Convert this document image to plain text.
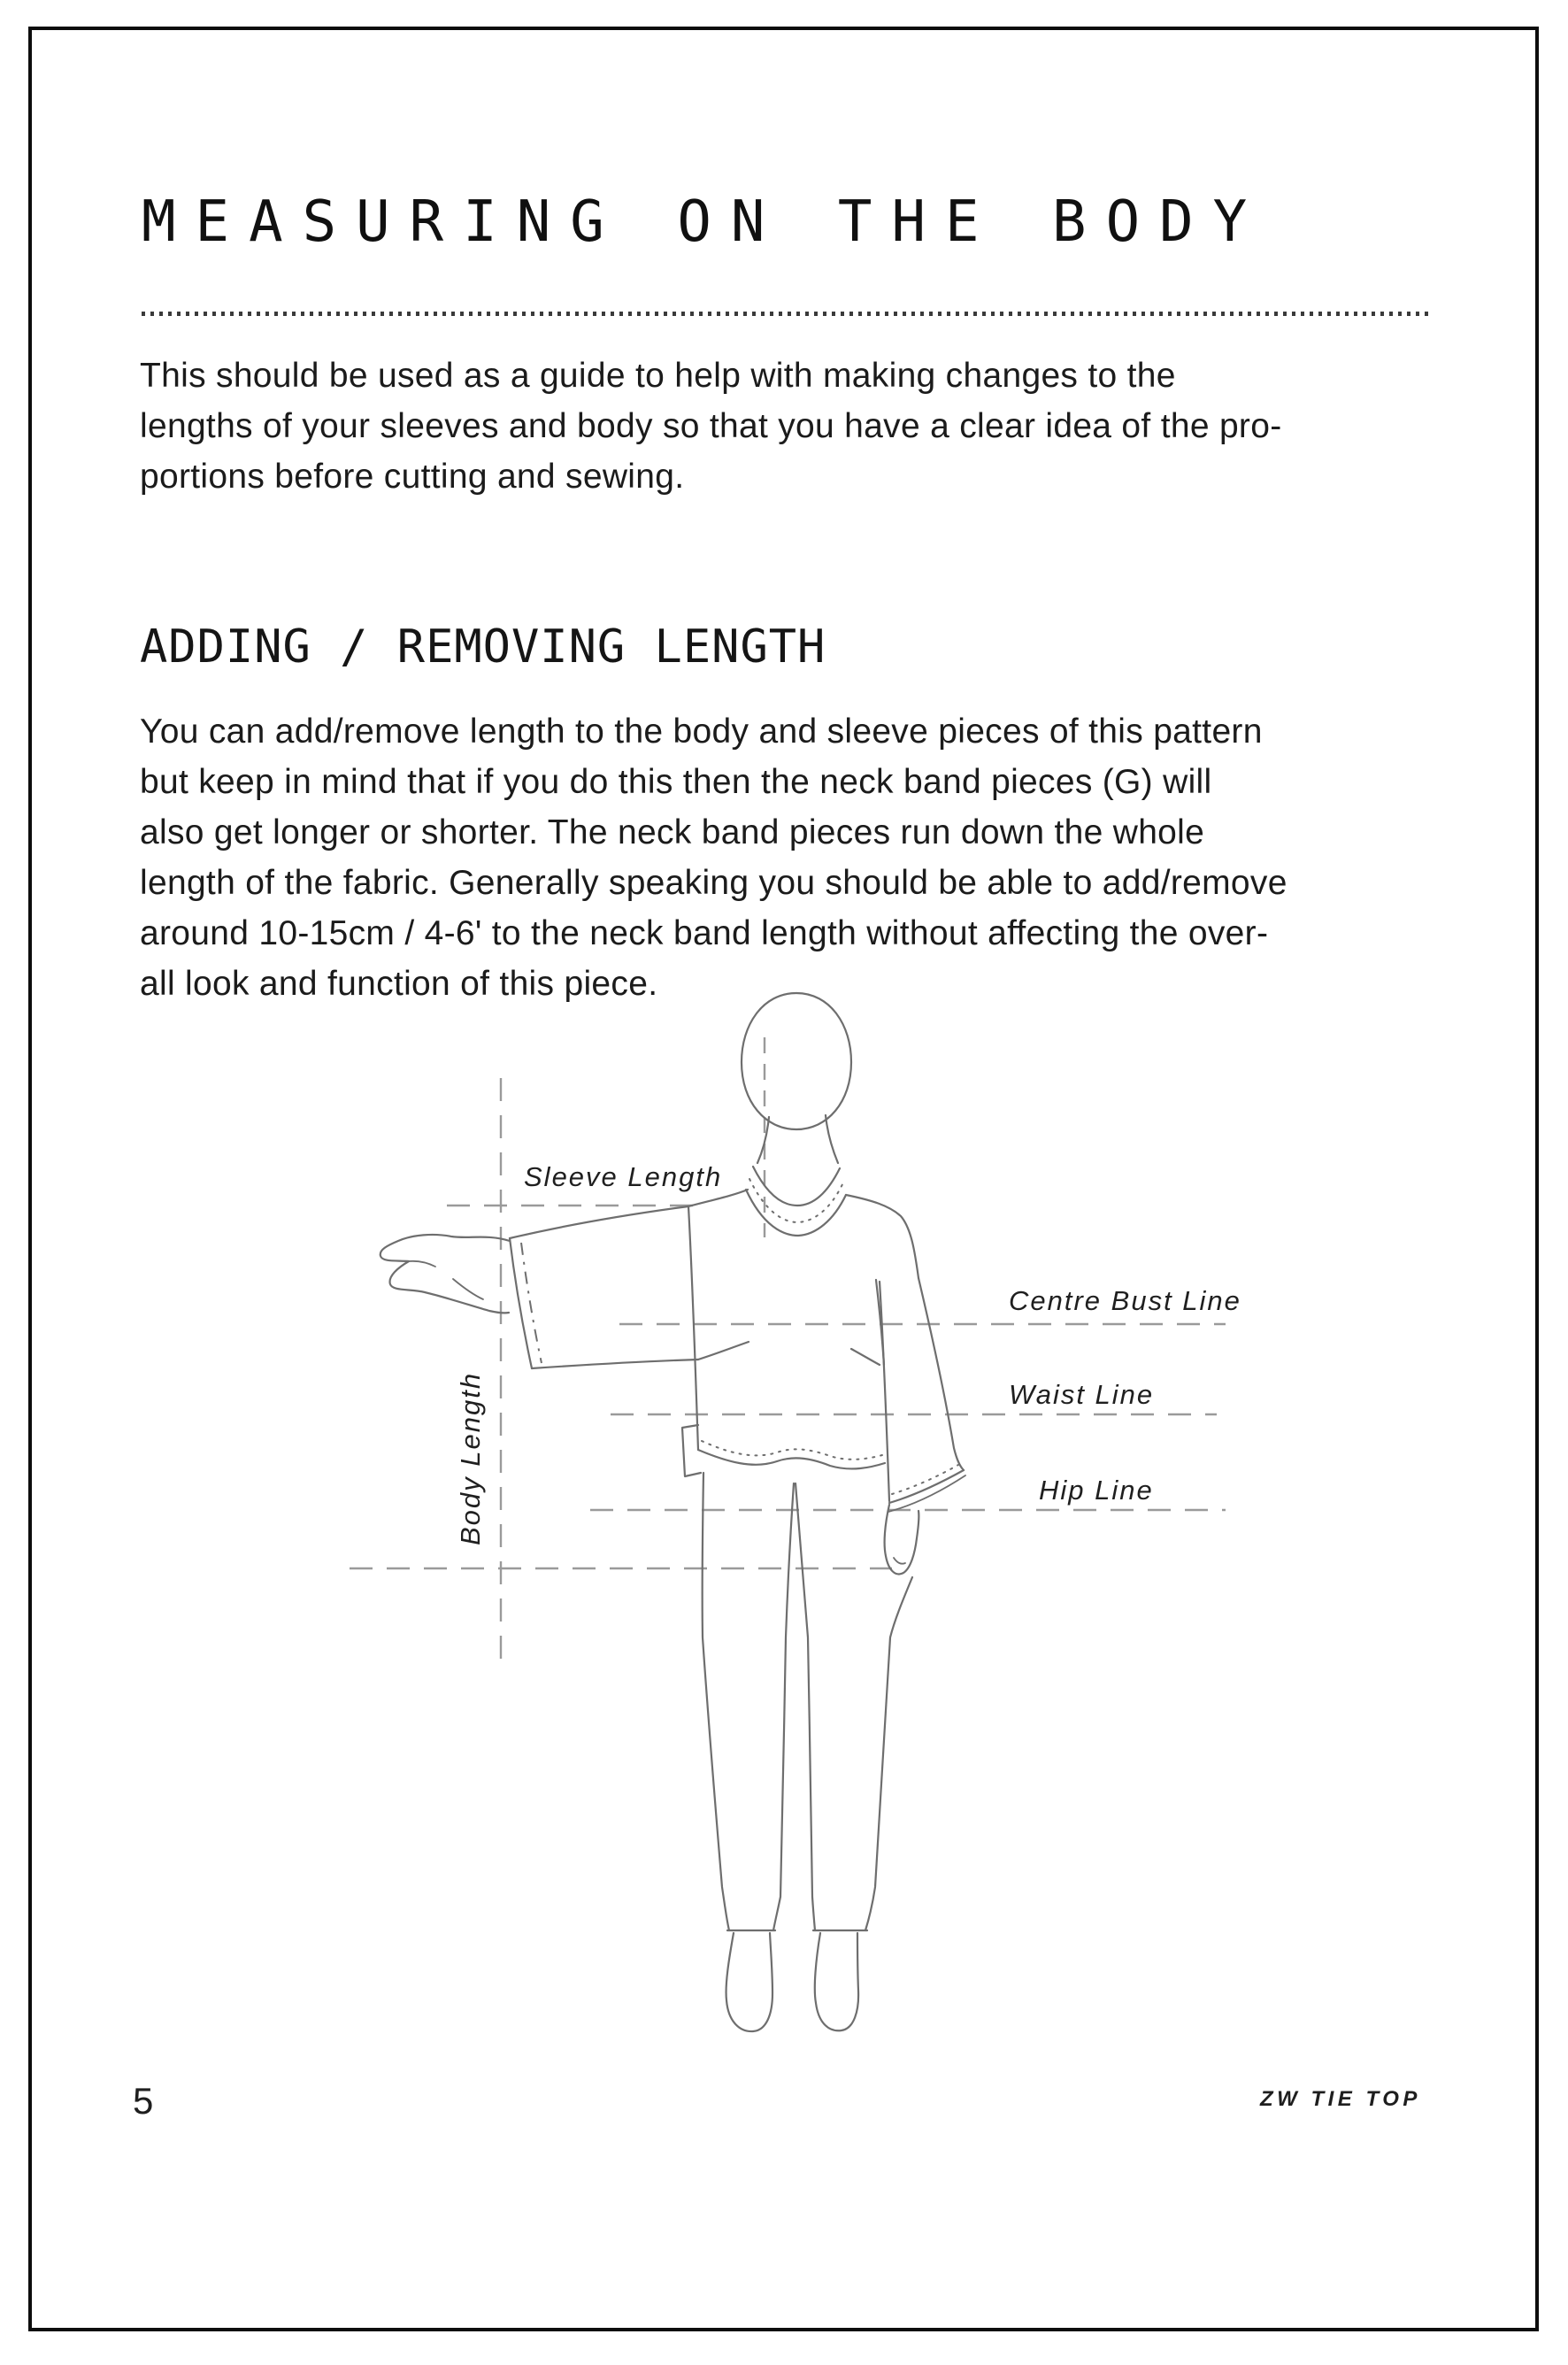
MEASURING ON THE BODY
This should be used as a guide to help with making changes to the
lengths of your sleeves and body so that you have a clear idea of the pro-
portions before cutting and sewing.
ADDING / REMOVING LENGTH
You can add/remove length to the body and sleeve pieces of this pattern
but keep in mind that if you do this then the neck band pieces (G) will
also get longer or shorter. The neck band pieces run down the whole
length of the fabric. Generally speaking you should be able to add/remove
around 10-15cm / 4-6' to the neck band length without affecting the over-
all look and function of this piece.
Sleeve Length
Centre Bust Line
Waist Line
Hip Line
Body Length
5	ZW TIE TOP
